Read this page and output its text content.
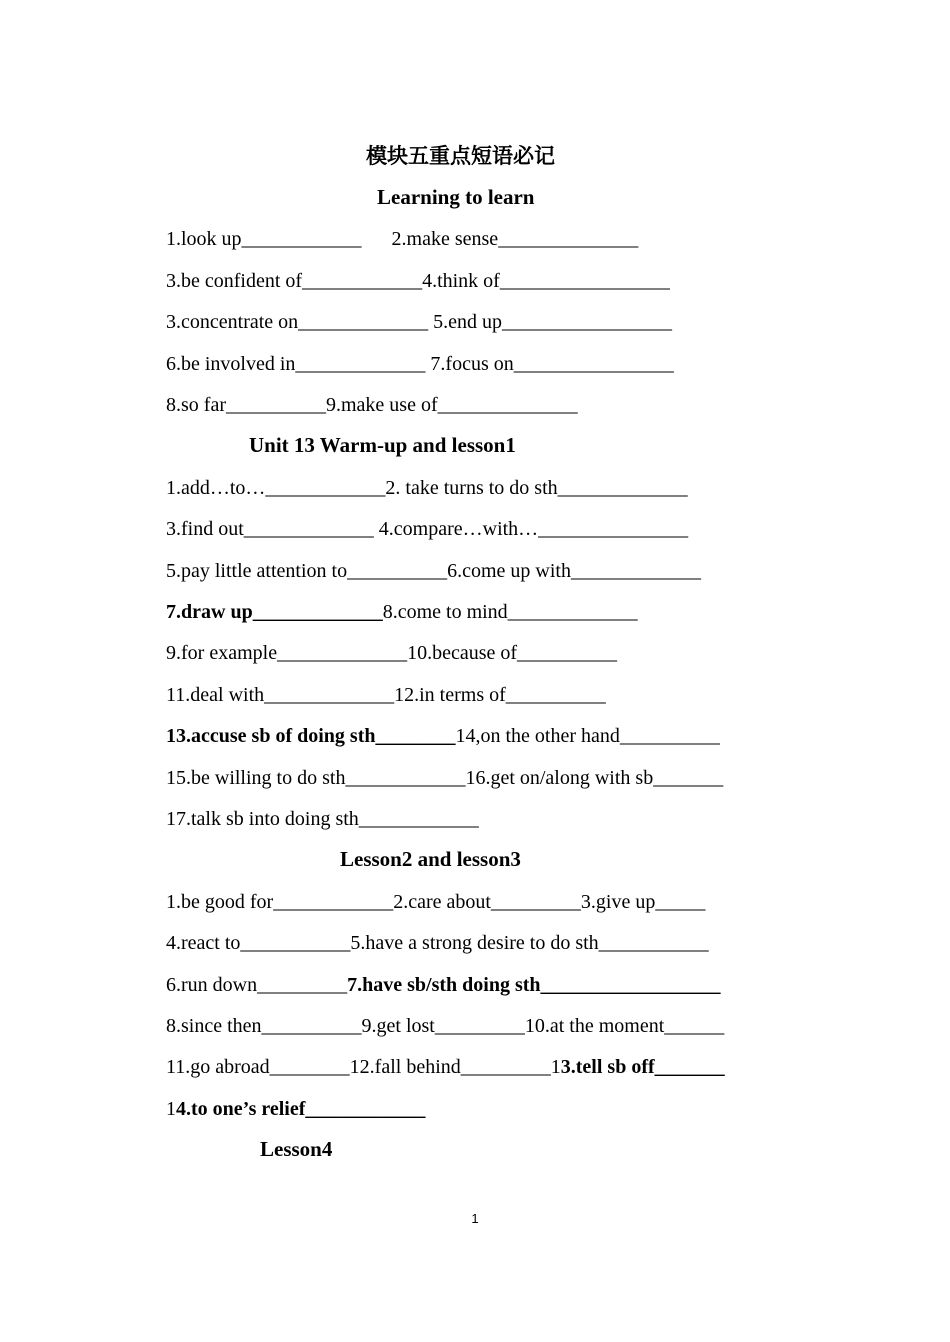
模块五重点短语必记
Learning to learn
1.look up____________      2.make sense______________
3.be confident of____________4.think of_________________
3.concentrate on_____________ 5.end up_________________
6.be involved in_____________ 7.focus on________________
8.so far__________9.make use of______________
Unit 13 Warm-up and lesson1
1.add…to…____________2. take turns to do sth_____________
3.find out_____________ 4.compare…with…_______________
5.pay little attention to__________6.come up with_____________
7.draw up_____________8.come to mind_____________
9.for example_____________10.because of__________
11.deal with_____________12.in terms of__________
13.accuse sb of doing sth________14,on the other hand__________
15.be willing to do sth____________16.get on/along with sb_______
17.talk sb into doing sth____________
Lesson2 and lesson3
1.be good for____________2.care about_________3.give up_____
4.react to___________5.have a strong desire to do sth___________
6.run down_________7.have sb/sth doing sth__________________
8.since then__________9.get lost_________10.at the moment______
11.go abroad________12.fall behind_________13.tell sb off_______
14.to one’s relief____________
Lesson4
1
